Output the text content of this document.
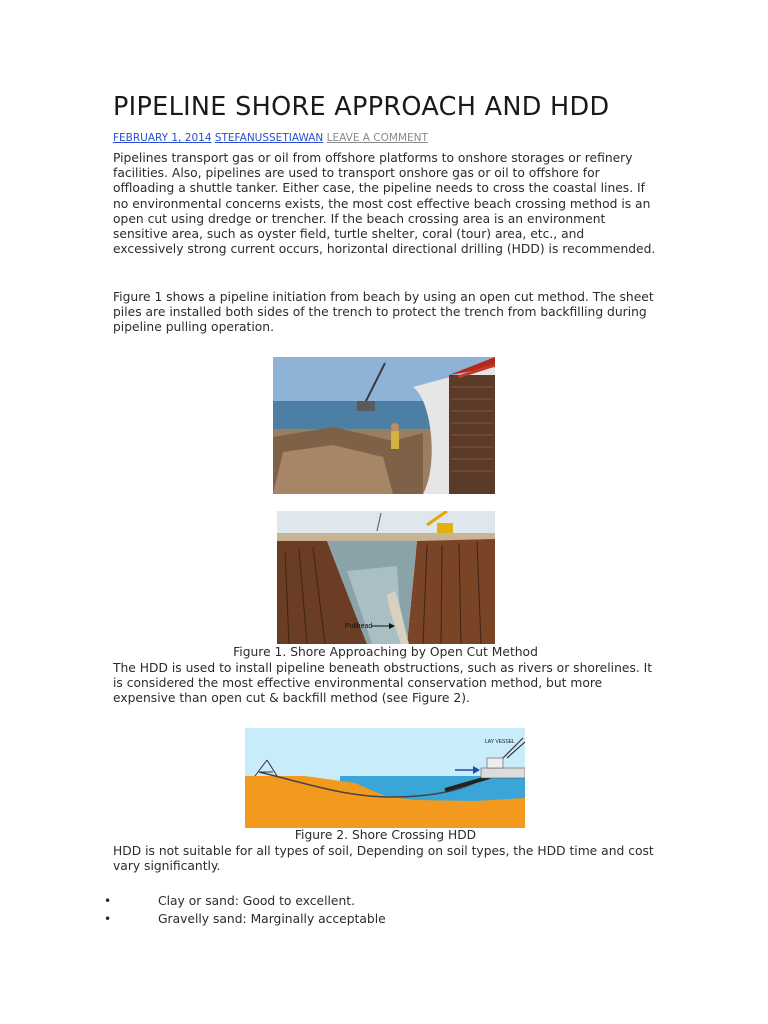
PIPELINE SHORE APPROACH AND HDD
FEBRUARY 1, 2014 STEFANUSSETIAWAN LEAVE A COMMENT

Pipelines transport gas or oil from offshore platforms to onshore storages or refinery facilities. Also, pipelines are used to transport onshore gas or oil to offshore for offloading a shuttle tanker. Either case, the pipeline needs to cross the coastal lines. If no environmental concerns exists, the most cost effective beach crossing method is an open cut using dredge or trencher. If the beach crossing area is an environment sensitive area, such as oyster field, turtle shelter, coral (tour) area, etc., and excessively strong current occurs, horizontal directional drilling (HDD) is recommended.

Figure 1 shows a pipeline initiation from beach by using an open cut method. The sheet piles are installed both sides of the trench to protect the trench from backfilling during pipeline pulling operation.

Pullhead
Figure 1. Shore Approaching by Open Cut Method

The HDD is used to install pipeline beneath obstructions, such as rivers or shorelines. It is considered the most effective environmental conservation method, but more expensive than open cut & backfill method (see Figure 2).

LAY VESSEL
Figure 2. Shore Crossing HDD

HDD is not suitable for all types of soil, Depending on soil types, the HDD time and cost vary significantly.

•	Clay or sand: Good to excellent.
•	Gravelly sand: Marginally acceptable
